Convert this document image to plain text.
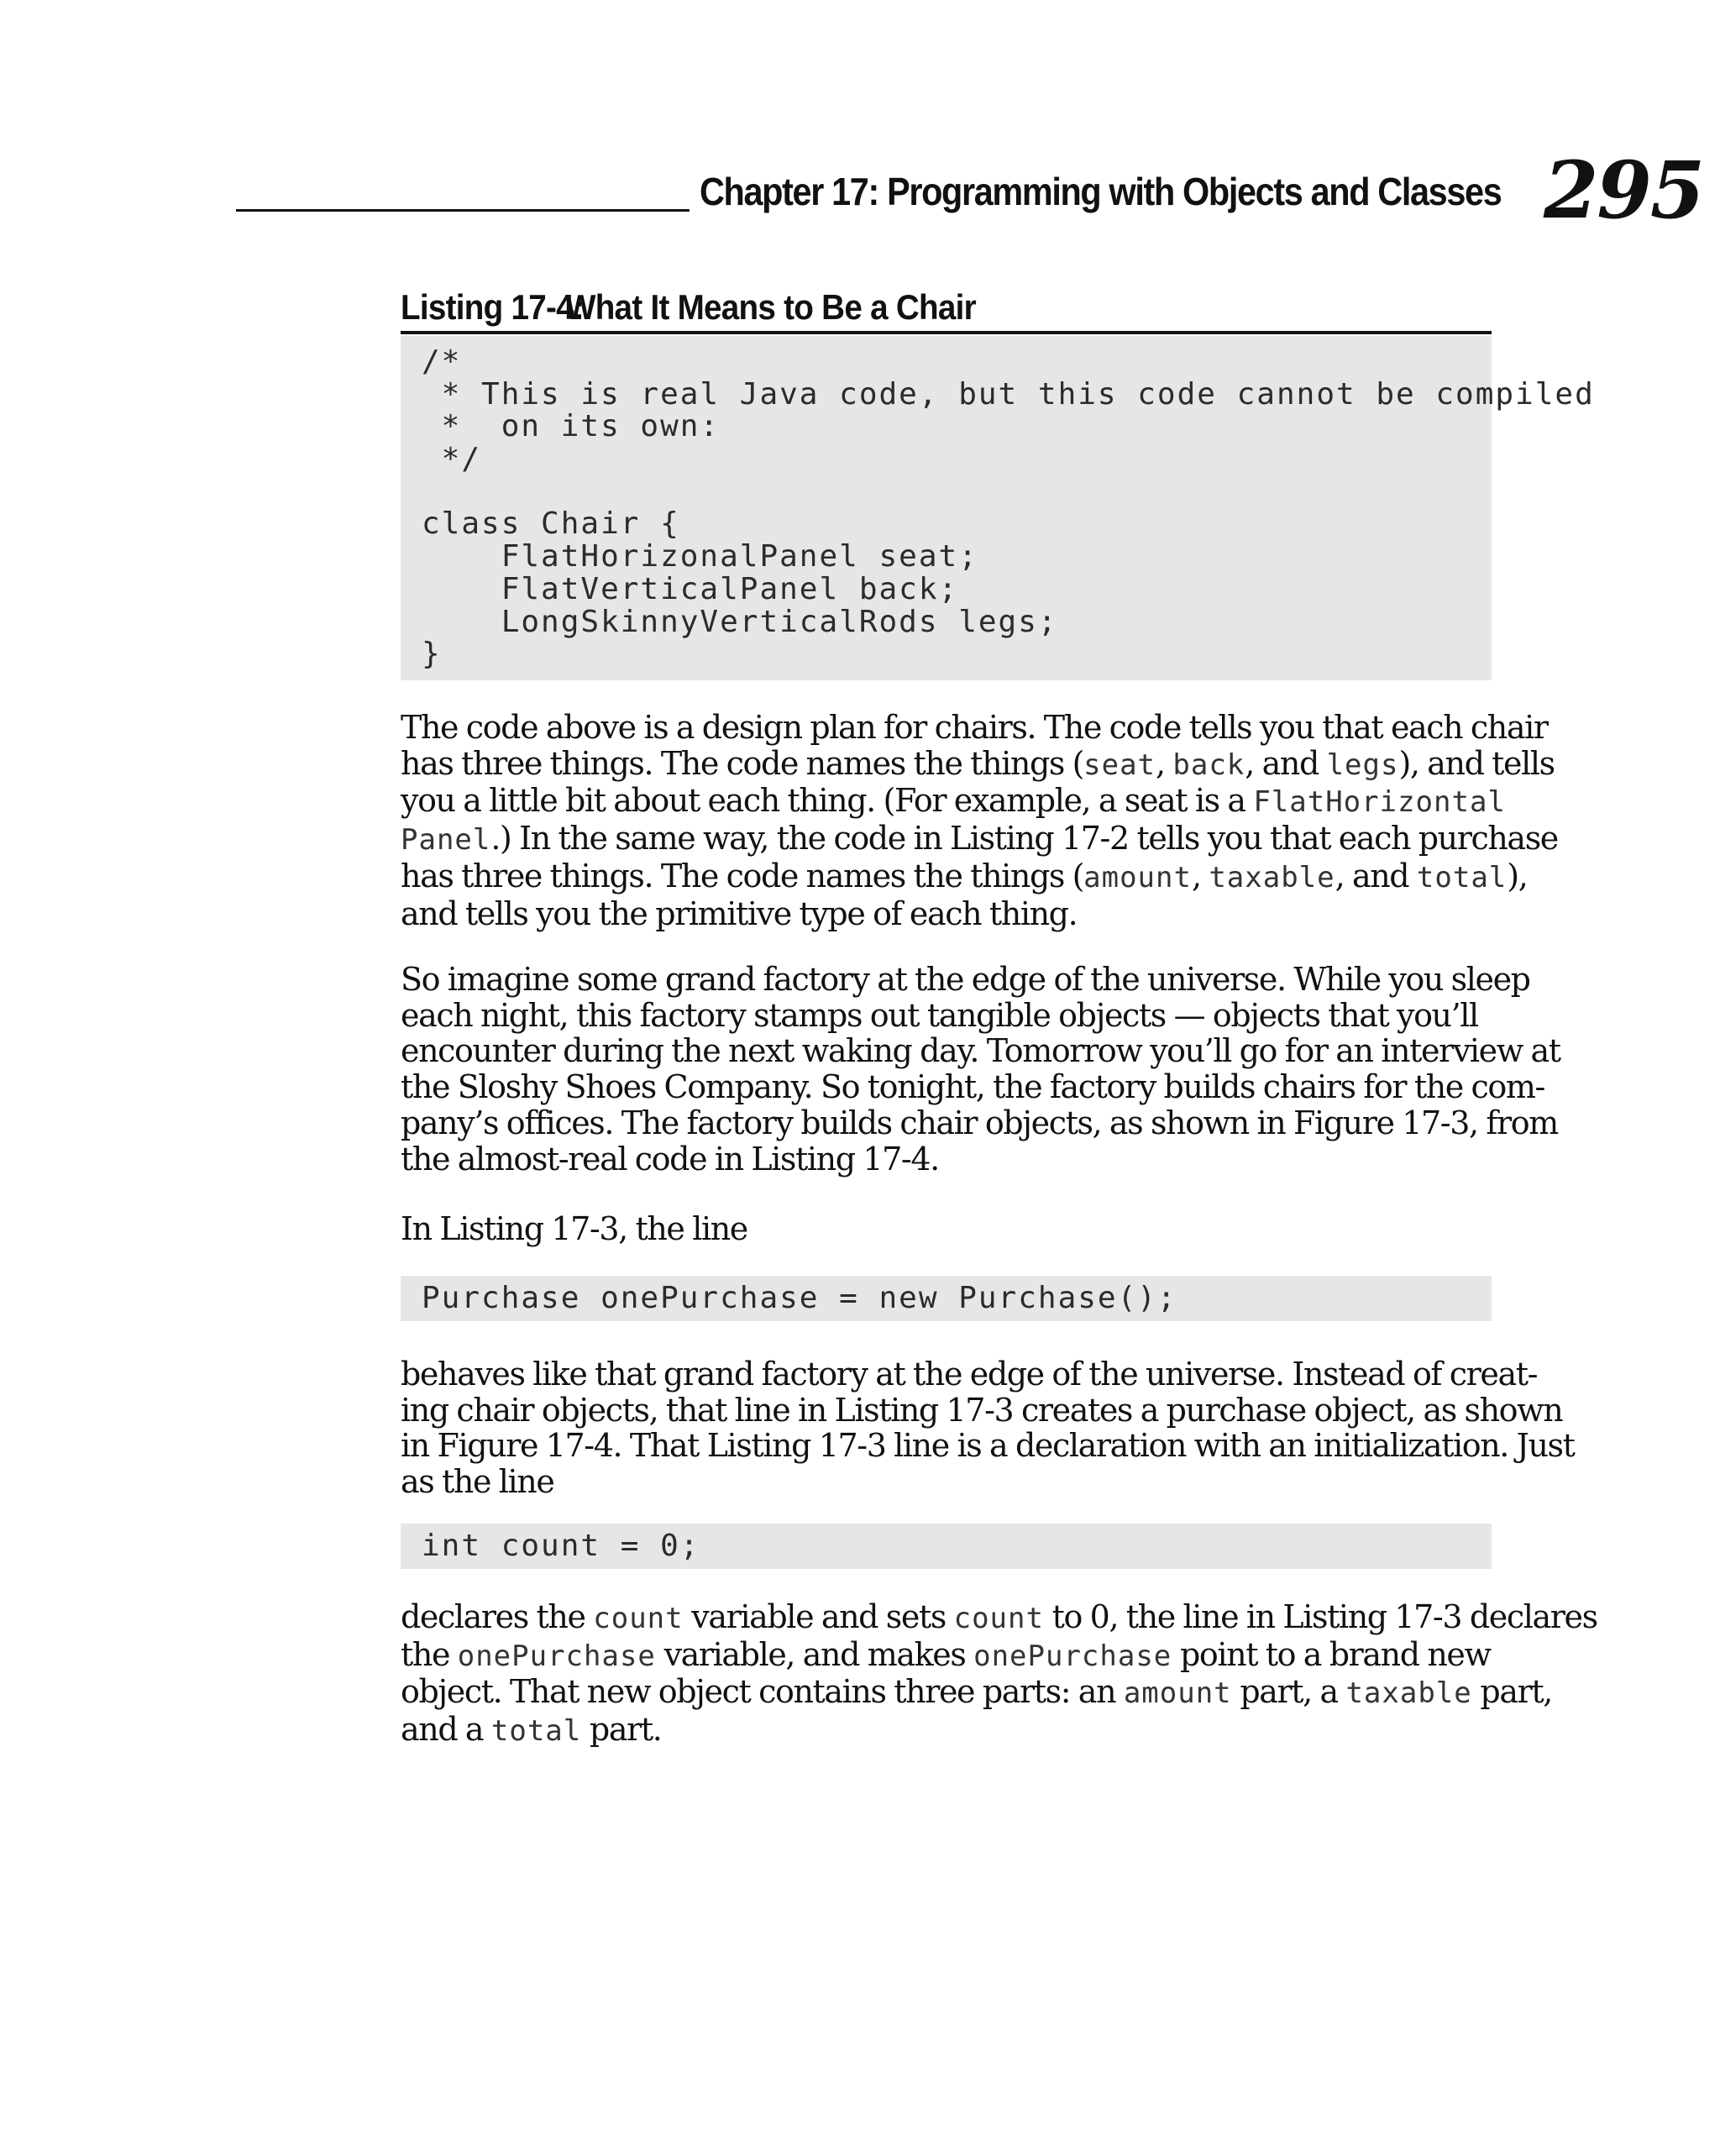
Chapter 17: Programming with Objects and Classes 295
Listing 17-4:What It Means to Be a Chair
/*
* This is real Java code, but this code cannot be compiled
*  on its own:
*/
class Chair {
FlatHorizonalPanel seat;
FlatVerticalPanel back;
LongSkinnyVerticalRods legs;
}
The code above is a design plan for chairs. The code tells you that each chair
has three things. The code names the things (seat, back, and legs), and tells
you a little bit about each thing. (For example, a seat is a FlatHorizontal
Panel.) In the same way, the code in Listing 17-2 tells you that each purchase
has three things. The code names the things (amount, taxable, and total),
and tells you the primitive type of each thing.
So imagine some grand factory at the edge of the universe. While you sleep
each night, this factory stamps out tangible objects — objects that you’ll
encounter during the next waking day. Tomorrow you’ll go for an interview at
the Sloshy Shoes Company. So tonight, the factory builds chairs for the com-
pany’s offices. The factory builds chair objects, as shown in Figure 17-3, from
the almost-real code in Listing 17-4.
In Listing 17-3, the line
Purchase onePurchase = new Purchase();
behaves like that grand factory at the edge of the universe. Instead of creat-
ing chair objects, that line in Listing 17-3 creates a purchase object, as shown
in Figure 17-4. That Listing 17-3 line is a declaration with an initialization. Just
as the line
int count = 0;
declares the count variable and sets count to 0, the line in Listing 17-3 declares
the onePurchase variable, and makes onePurchase point to a brand new
object. That new object contains three parts: an amount part, a taxable part,
and a total part.
